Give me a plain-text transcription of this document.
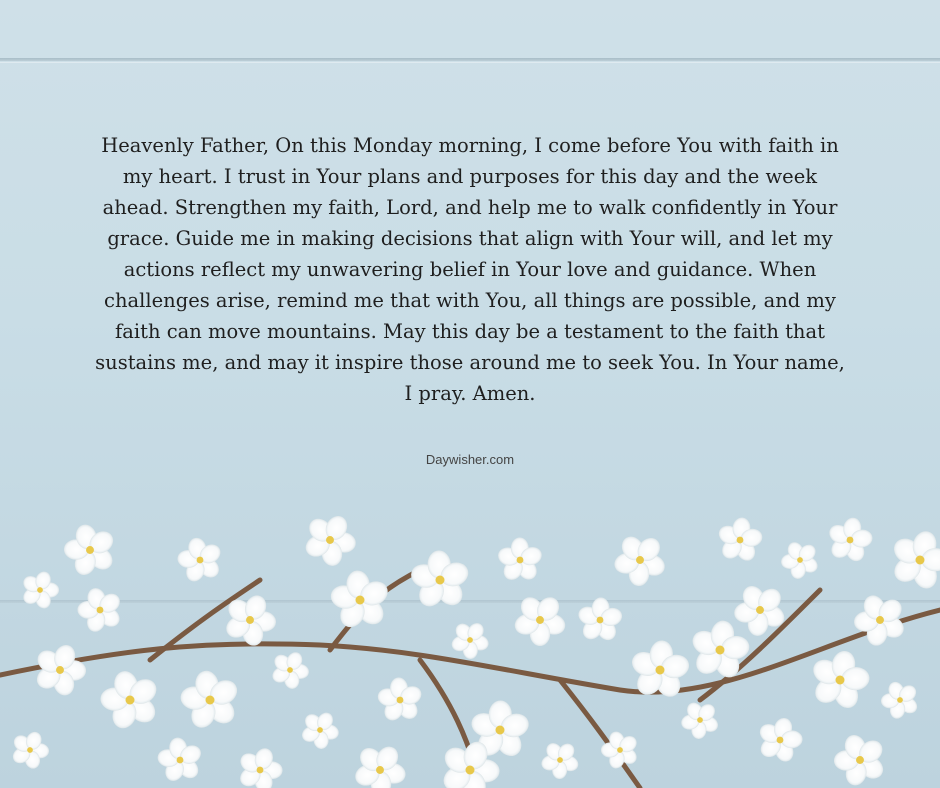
Heavenly Father, On this Monday morning, I come before You with faith in my heart. I trust in Your plans and purposes for this day and the week ahead. Strengthen my faith, Lord, and help me to walk confidently in Your grace. Guide me in making decisions that align with Your will, and let my actions reflect my unwavering belief in Your love and guidance. When challenges arise, remind me that with You, all things are possible, and my faith can move mountains. May this day be a testament to the faith that sustains me, and may it inspire those around me to seek You. In Your name, I pray. Amen.
Daywisher.com
